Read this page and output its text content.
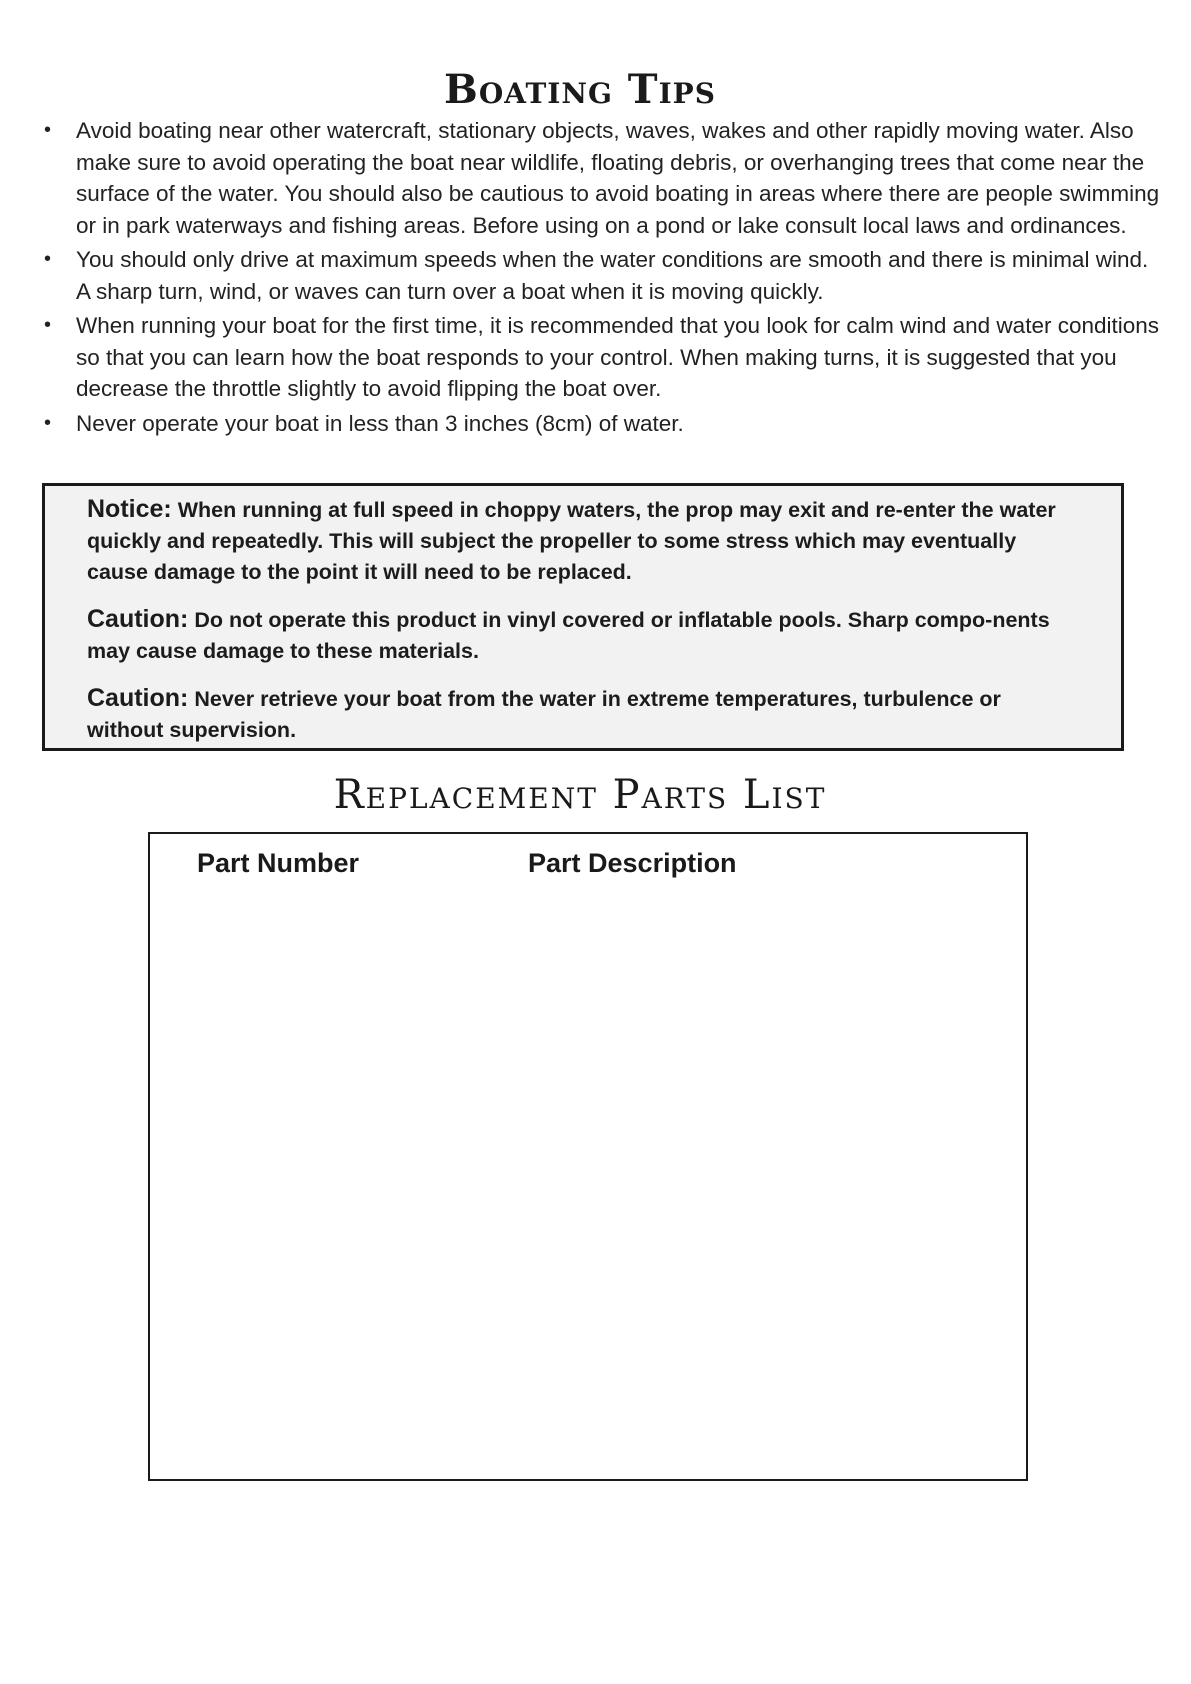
Boating Tips
• Avoid boating near other watercraft, stationary objects, waves, wakes and other rapidly moving water. Also make sure to avoid operating the boat near wildlife, floating debris, or overhanging trees that come near the surface of the water. You should also be cautious to avoid boating in areas where there are people swimming or in park waterways and fishing areas. Before using on a pond or lake consult local laws and ordinances.
• You should only drive at maximum speeds when the water conditions are smooth and there is minimal wind. A sharp turn, wind, or waves can turn over a boat when it is moving quickly.
• When running your boat for the first time, it is recommended that you look for calm wind and water conditions so that you can learn how the boat responds to your control. When making turns, it is suggested that you decrease the throttle slightly to avoid flipping the boat over.
• Never operate your boat in less than 3 inches (8cm) of water.

Notice: When running at full speed in choppy waters, the prop may exit and re-enter the water quickly and repeatedly. This will subject the propeller to some stress which may eventually cause damage to the point it will need to be replaced.

Caution: Do not operate this product in vinyl covered or inflatable pools. Sharp compo-nents may cause damage to these materials.

Caution: Never retrieve your boat from the water in extreme temperatures, turbulence or without supervision.

Replacement Parts List
Part Number	Part Description
